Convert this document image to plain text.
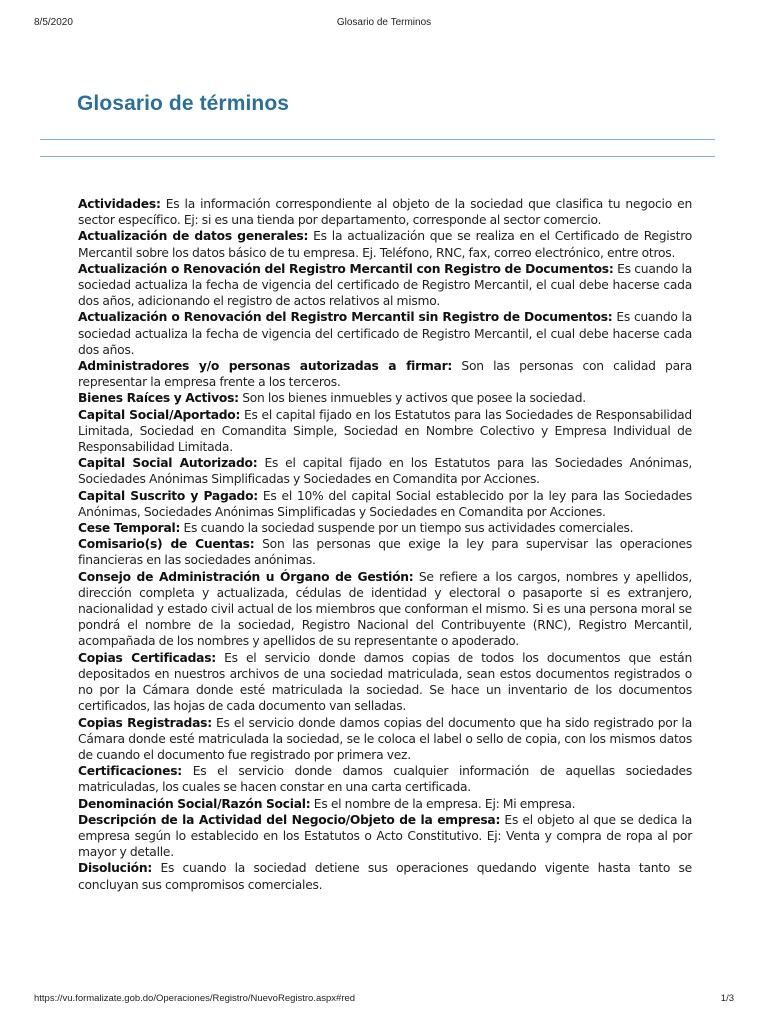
8/5/2020	Glosario de Terminos
Glosario de términos

Actividades: Es la información correspondiente al objeto de la sociedad que clasifica tu negocio en sector específico. Ej: si es una tienda por departamento, corresponde al sector comercio.

Actualización de datos generales: Es la actualización que se realiza en el Certificado de Registro Mercantil sobre los datos básico de tu empresa. Ej. Teléfono, RNC, fax, correo electrónico, entre otros.

Actualización o Renovación del Registro Mercantil con Registro de Documentos: Es cuando la sociedad actualiza la fecha de vigencia del certificado de Registro Mercantil, el cual debe hacerse cada dos años, adicionando el registro de actos relativos al mismo.

Actualización o Renovación del Registro Mercantil sin Registro de Documentos: Es cuando la sociedad actualiza la fecha de vigencia del certificado de Registro Mercantil, el cual debe hacerse cada dos años.

Administradores y/o personas autorizadas a firmar: Son las personas con calidad para representar la empresa frente a los terceros.

Bienes Raíces y Activos: Son los bienes inmuebles y activos que posee la sociedad.

Capital Social/Aportado: Es el capital fijado en los Estatutos para las Sociedades de Responsabilidad Limitada, Sociedad en Comandita Simple, Sociedad en Nombre Colectivo y Empresa Individual de Responsabilidad Limitada.

Capital Social Autorizado: Es el capital fijado en los Estatutos para las Sociedades Anónimas, Sociedades Anónimas Simplificadas y Sociedades en Comandita por Acciones.

Capital Suscrito y Pagado: Es el 10% del capital Social establecido por la ley para las Sociedades Anónimas, Sociedades Anónimas Simplificadas y Sociedades en Comandita por Acciones.

Cese Temporal: Es cuando la sociedad suspende por un tiempo sus actividades comerciales.

Comisario(s) de Cuentas: Son las personas que exige la ley para supervisar las operaciones financieras en las sociedades anónimas.

Consejo de Administración u Órgano de Gestión: Se refiere a los cargos, nombres y apellidos, dirección completa y actualizada, cédulas de identidad y electoral o pasaporte si es extranjero, nacionalidad y estado civil actual de los miembros que conforman el mismo. Si es una persona moral se pondrá el nombre de la sociedad, Registro Nacional del Contribuyente (RNC), Registro Mercantil, acompañada de los nombres y apellidos de su representante o apoderado.

Copias Certificadas: Es el servicio donde damos copias de todos los documentos que están depositados en nuestros archivos de una sociedad matriculada, sean estos documentos registrados o no por la Cámara donde esté matriculada la sociedad. Se hace un inventario de los documentos certificados, las hojas de cada documento van selladas.

Copias Registradas: Es el servicio donde damos copias del documento que ha sido registrado por la Cámara donde esté matriculada la sociedad, se le coloca el label o sello de copia, con los mismos datos de cuando el documento fue registrado por primera vez.

Certificaciones: Es el servicio donde damos cualquier información de aquellas sociedades matriculadas, los cuales se hacen constar en una carta certificada.

Denominación Social/Razón Social: Es el nombre de la empresa. Ej: Mi empresa.

Descripción de la Actividad del Negocio/Objeto de la empresa: Es el objeto al que se dedica la empresa según lo establecido en los Estatutos o Acto Constitutivo. Ej: Venta y compra de ropa al por mayor y detalle.

Disolución: Es cuando la sociedad detiene sus operaciones quedando vigente hasta tanto se concluyan sus compromisos comerciales.

https://vu.formalizate.gob.do/Operaciones/Registro/NuevoRegistro.aspx#red	1/3
